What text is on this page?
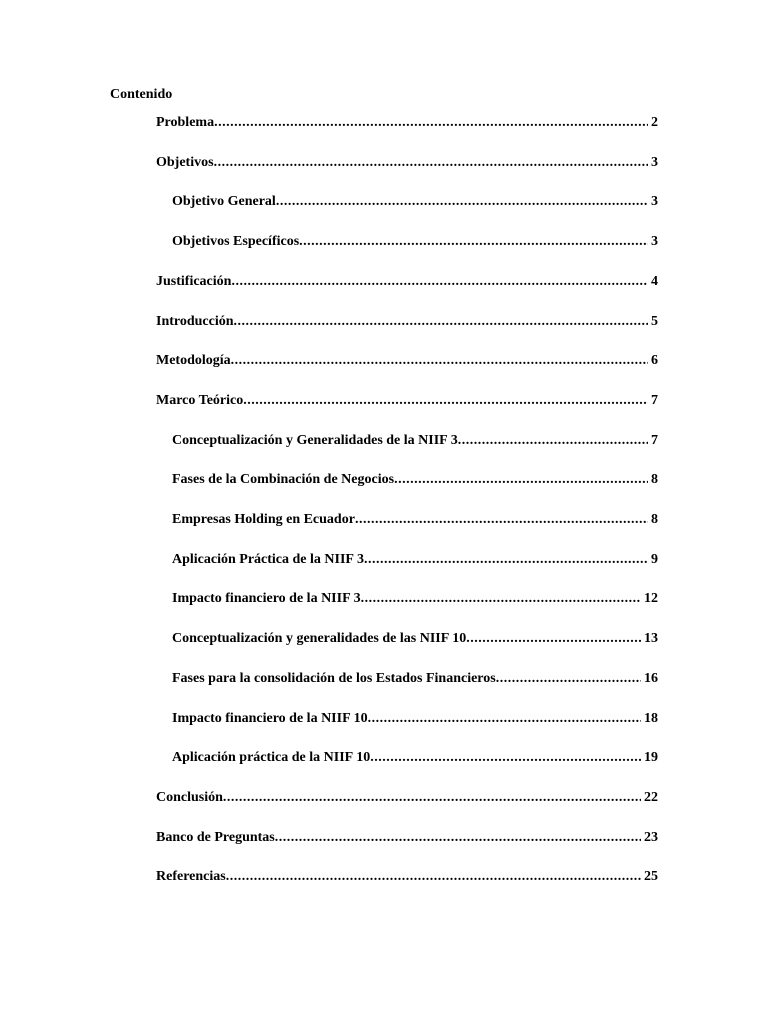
Contenido
Problema .....	2
Objetivos .....	3
Objetivo General .....	3
Objetivos Específicos .....	3
Justificación .....	4
Introducción .....	5
Metodología .....	6
Marco Teórico .....	7
Conceptualización y Generalidades de la NIIF 3 .....	7
Fases de la Combinación de Negocios .....	8
Empresas Holding en Ecuador .....	8
Aplicación Práctica de la NIIF 3 .....	9
Impacto financiero de la NIIF 3 .....	12
Conceptualización y generalidades de las NIIF 10 .....	13
Fases para la consolidación de los Estados Financieros .....	16
Impacto financiero de la NIIF 10 .....	18
Aplicación práctica de la NIIF 10 .....	19
Conclusión .....	22
Banco de Preguntas .....	23
Referencias .....	25
